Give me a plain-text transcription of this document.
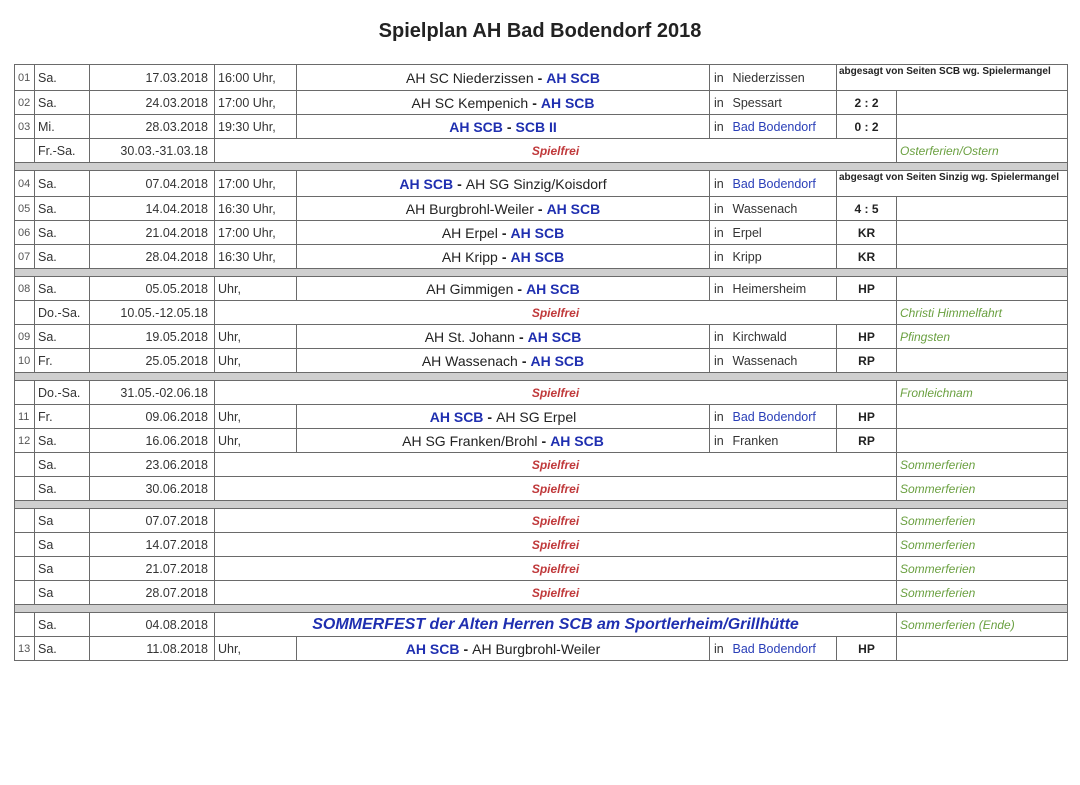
Spielplan AH Bad Bodendorf 2018
01	Sa.	17.03.2018	16:00 Uhr,	AH SC Niederzissen - AH SCB	in	Niederzissen	abgesagt von Seiten SCB wg. Spielermangel	

02	Sa.	24.03.2018	17:00 Uhr,	AH SC Kempenich - AH SCB	in	Spessart	2 : 2	
03	Mi.	28.03.2018	19:30 Uhr,	AH SCB - SCB II	in	Bad Bodendorf	0 : 2	
	Fr.-Sa.	30.03.-31.03.18	Spielfrei					Osterferien/Ostern

04	Sa.	07.04.2018	17:00 Uhr,	AH SCB - AH SG Sinzig/Koisdorf	in	Bad Bodendorf	abgesagt von Seiten Sinzig wg. Spielermangel	

05	Sa.	14.04.2018	16:30 Uhr,	AH Burgbrohl-Weiler - AH SCB	in	Wassenach	4 : 5	
06	Sa.	21.04.2018	17:00 Uhr,	AH Erpel - AH SCB	in	Erpel	KR	
07	Sa.	28.04.2018	16:30 Uhr,	AH Kripp - AH SCB	in	Kripp	KR	

08	Sa.	05.05.2018	Uhr,	AH Gimmigen - AH SCB	in	Heimersheim	HP	
	Do.-Sa.	10.05.-12.05.18	Spielfrei					Christi Himmelfahrt
09	Sa.	19.05.2018	Uhr,	AH St. Johann - AH SCB	in	Kirchwald	HP	Pfingsten
10	Fr.	25.05.2018	Uhr,	AH Wassenach - AH SCB	in	Wassenach	RP	

	Do.-Sa.	31.05.-02.06.18	Spielfrei					Fronleichnam
11	Fr.	09.06.2018	Uhr,	AH SCB - AH SG Erpel	in	Bad Bodendorf	HP	
12	Sa.	16.06.2018	Uhr,	AH SG Franken/Brohl - AH SCB	in	Franken	RP	
	Sa.	23.06.2018	Spielfrei					Sommerferien
	Sa.	30.06.2018	Spielfrei					Sommerferien

	Sa	07.07.2018	Spielfrei					Sommerferien
	Sa	14.07.2018	Spielfrei					Sommerferien
	Sa	21.07.2018	Spielfrei					Sommerferien
	Sa	28.07.2018	Spielfrei					Sommerferien

	Sa.	04.08.2018	SOMMERFEST der Alten Herren SCB am Sportlerheim/Grillhütte					Sommerferien (Ende)
13	Sa.	11.08.2018	Uhr,	AH SCB - AH Burgbrohl-Weiler	in	Bad Bodendorf	HP	
